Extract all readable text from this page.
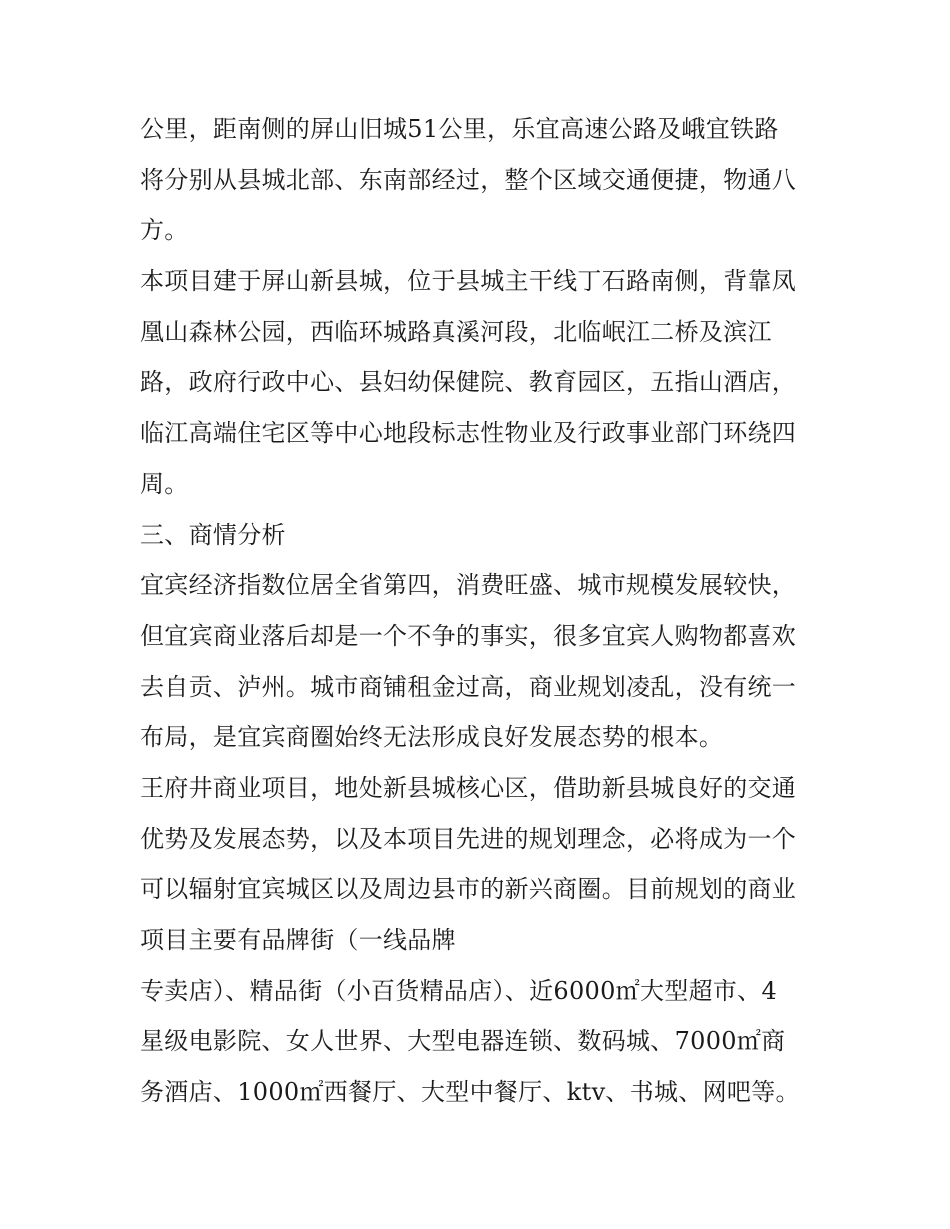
公里，距南侧的屏山旧城51公里，乐宜高速公路及峨宜铁路
将分别从县城北部、东南部经过，整个区域交通便捷，物通八
方。
本项目建于屏山新县城，位于县城主干线丁石路南侧，背靠凤
凰山森林公园，西临环城路真溪河段，北临岷江二桥及滨江
路，政府行政中心、县妇幼保健院、教育园区，五指山酒店，
临江高端住宅区等中心地段标志性物业及行政事业部门环绕四
周。
三、商情分析
宜宾经济指数位居全省第四，消费旺盛、城市规模发展较快，
但宜宾商业落后却是一个不争的事实，很多宜宾人购物都喜欢
去自贡、泸州。城市商铺租金过高，商业规划凌乱，没有统一
布局，是宜宾商圈始终无法形成良好发展态势的根本。
王府井商业项目，地处新县城核心区，借助新县城良好的交通
优势及发展态势，以及本项目先进的规划理念，必将成为一个
可以辐射宜宾城区以及周边县市的新兴商圈。目前规划的商业
项目主要有品牌街（一线品牌
专卖店）、精品街（小百货精品店）、近6000㎡大型超市、4
星级电影院、女人世界、大型电器连锁、数码城、7000㎡商
务酒店、1000㎡西餐厅、大型中餐厅、ktv、书城、网吧等。
